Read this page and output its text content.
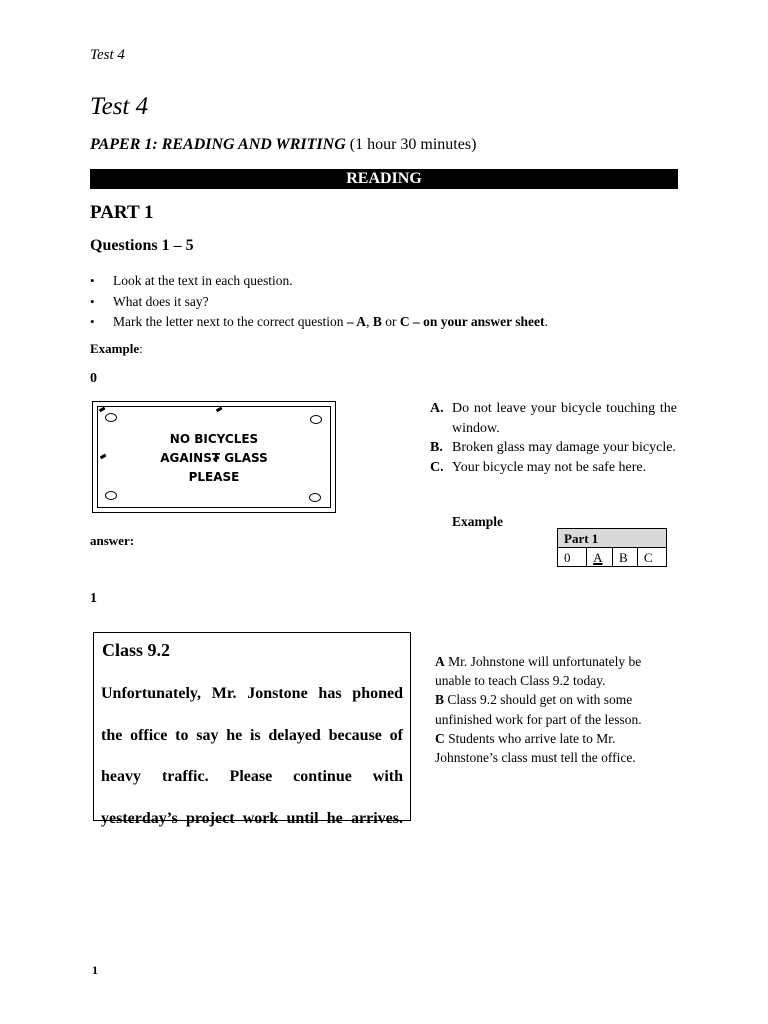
Test 4
Test 4
PAPER 1: READING AND WRITING (1 hour 30 minutes)
READING
PART 1
Questions 1 – 5
• Look at the text in each question.
• What does it say?
• Mark the letter next to the correct question – A, B or C – on your answer sheet.
Example:
0
NO BICYCLES
AGAINST GLASS
PLEASE
A. Do not leave your bicycle touching the window.
B. Broken glass may damage your bicycle.
C. Your bicycle may not be safe here.
Example
answer:	Part 1
0	A	B	C
1
Class 9.2
Unfortunately, Mr. Jonstone has phoned
the office to say he is delayed because of
heavy traffic. Please continue with
yesterday’s project work until he arrives.
A Mr. Johnstone will unfortunately be unable to teach Class 9.2 today.
B Class 9.2 should get on with some unfinished work for part of the lesson.
C Students who arrive late to Mr. Johnstone’s class must tell the office.
1
